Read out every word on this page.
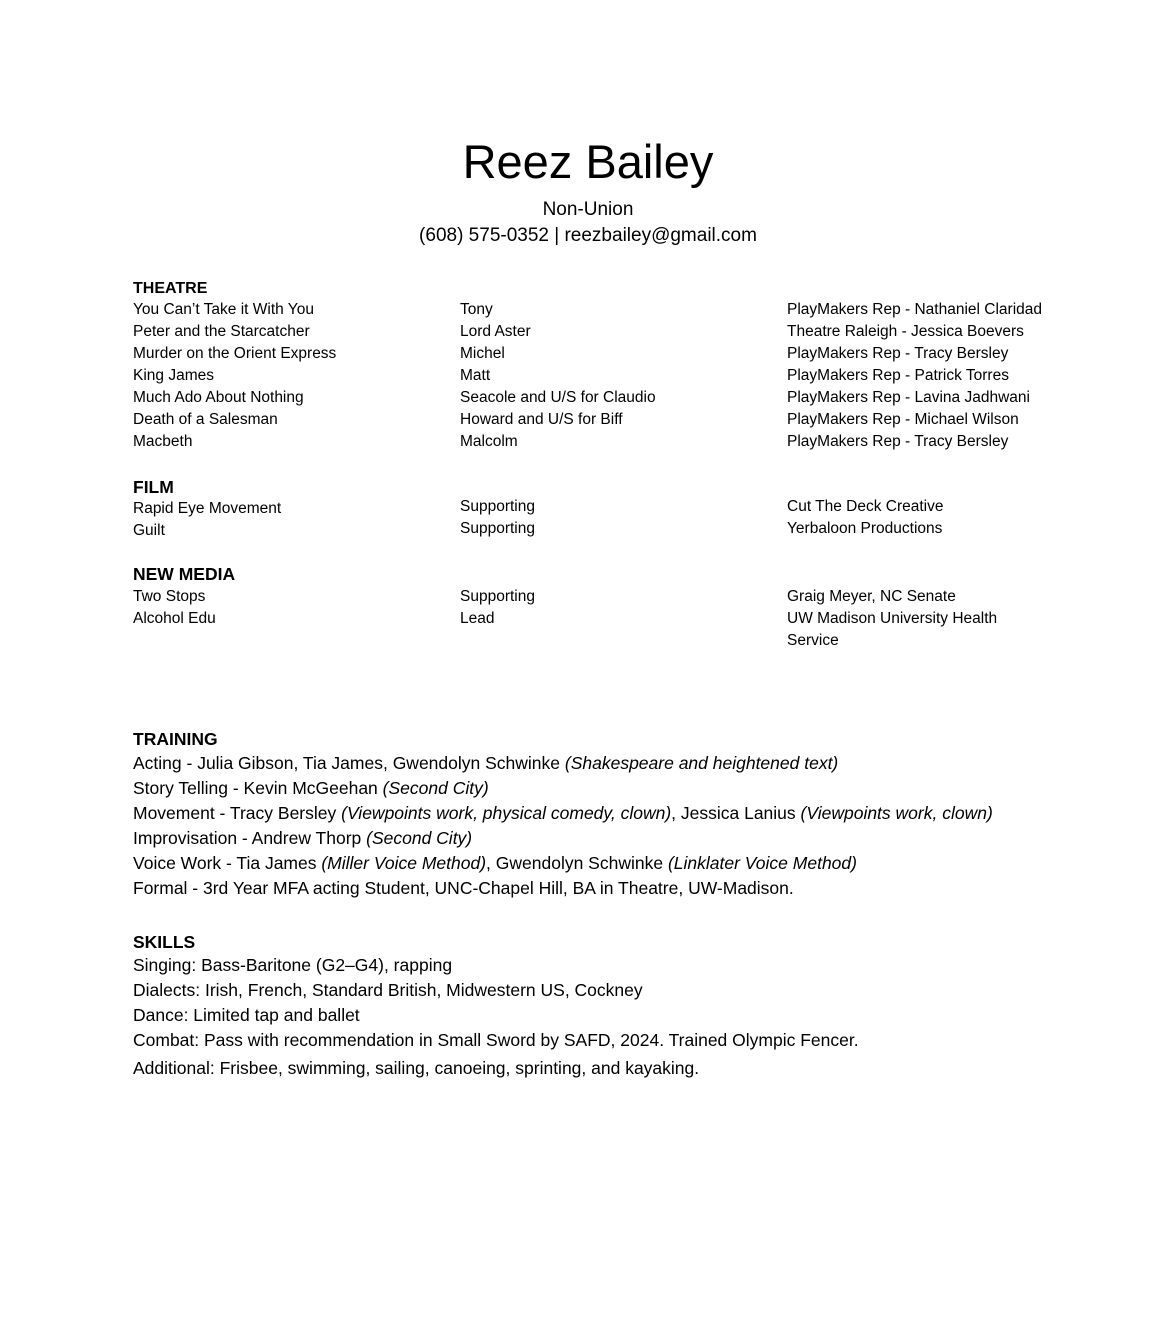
Reez Bailey
Non-Union
(608) 575-0352 | reezbailey@gmail.com
THEATRE
You Can’t Take it With You	Tony	PlayMakers Rep - Nathaniel Claridad
Peter and the Starcatcher	Lord Aster	Theatre Raleigh - Jessica Boevers
Murder on the Orient Express	Michel	PlayMakers Rep - Tracy Bersley
King James	Matt	PlayMakers Rep - Patrick Torres
Much Ado About Nothing	Seacole and U/S for Claudio	PlayMakers Rep - Lavina Jadhwani
Death of a Salesman	Howard and U/S for Biff	PlayMakers Rep - Michael Wilson
Macbeth	Malcolm	PlayMakers Rep - Tracy Bersley
FILM
Rapid Eye Movement	Supporting	Cut The Deck Creative
Guilt	Supporting	Yerbaloon Productions
NEW MEDIA
Two Stops	Supporting	Graig Meyer, NC Senate
Alcohol Edu	Lead	UW Madison University Health Service
TRAINING
Acting - Julia Gibson, Tia James, Gwendolyn Schwinke (Shakespeare and heightened text)
Story Telling - Kevin McGeehan (Second City)
Movement - Tracy Bersley (Viewpoints work, physical comedy, clown), Jessica Lanius (Viewpoints work, clown)
Improvisation - Andrew Thorp (Second City)
Voice Work - Tia James (Miller Voice Method), Gwendolyn Schwinke (Linklater Voice Method)
Formal - 3rd Year MFA acting Student, UNC-Chapel Hill, BA in Theatre, UW-Madison.
SKILLS
Singing: Bass-Baritone (G2–G4), rapping
Dialects: Irish, French, Standard British, Midwestern US, Cockney
Dance: Limited tap and ballet
Combat: Pass with recommendation in Small Sword by SAFD, 2024. Trained Olympic Fencer.
Additional: Frisbee, swimming, sailing, canoeing, sprinting, and kayaking.
